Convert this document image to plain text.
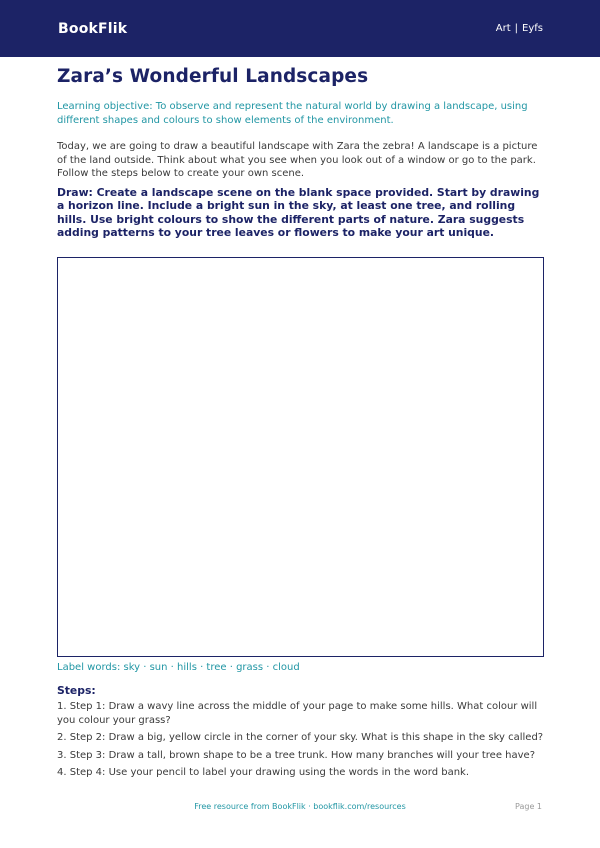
BookFlik	Art | Eyfs
Zara’s Wonderful Landscapes

Learning objective: To observe and represent the natural world by drawing a landscape, using different shapes and colours to show elements of the environment.

Today, we are going to draw a beautiful landscape with Zara the zebra! A landscape is a picture of the land outside. Think about what you see when you look out of a window or go to the park. Follow the steps below to create your own scene.

Draw: Create a landscape scene on the blank space provided. Start by drawing a horizon line. Include a bright sun in the sky, at least one tree, and rolling hills. Use bright colours to show the different parts of nature. Zara suggests adding patterns to your tree leaves or flowers to make your art unique.

Label words: sky · sun · hills · tree · grass · cloud

Steps:

1. Step 1: Draw a wavy line across the middle of your page to make some hills. What colour will you colour your grass?
2. Step 2: Draw a big, yellow circle in the corner of your sky. What is this shape in the sky called?
3. Step 3: Draw a tall, brown shape to be a tree trunk. How many branches will your tree have?
4. Step 4: Use your pencil to label your drawing using the words in the word bank.
Free resource from BookFlik · bookflik.com/resources	Page 1
